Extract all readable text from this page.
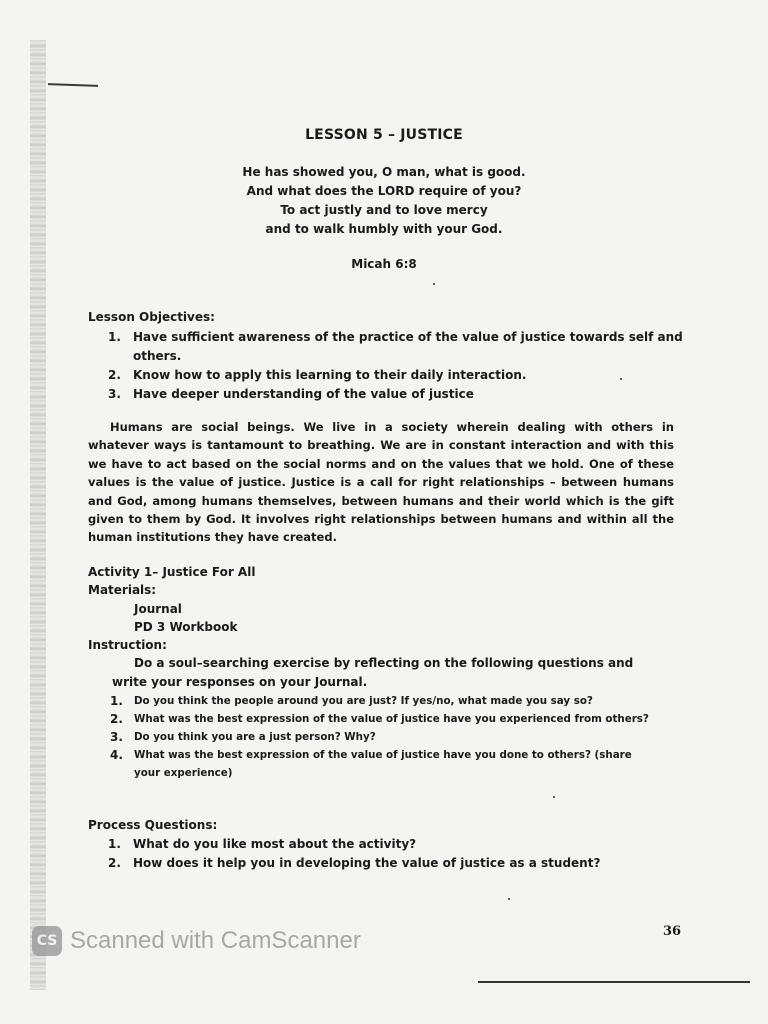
LESSON 5 – JUSTICE
He has showed you, O man, what is good.
And what does the LORD require of you?
To act justly and to love mercy
and to walk humbly with your God.
Micah 6:8
Lesson Objectives:
1.	Have sufficient awareness of the practice of the value of justice towards self and others.
2.	Know how to apply this learning to their daily interaction.
3.	Have deeper understanding of the value of justice

Humans are social beings. We live in a society wherein dealing with others in whatever ways is tantamount to breathing. We are in constant interaction and with this we have to act based on the social norms and on the values that we hold. One of these values is the value of justice. Justice is a call for right relationships – between humans and God, among humans themselves, between humans and their world which is the gift given to them by God. It involves right relationships between humans and within all the human institutions they have created.

Activity 1– Justice For All
Materials:
Journal
PD 3 Workbook
Instruction:

Do a soul–searching exercise by reflecting on the following questions and write your responses on your Journal.

1.	Do you think the people around you are just? If yes/no, what made you say so?
2.	What was the best expression of the value of justice have you experienced from others?
3.	Do you think you are a just person? Why?
4.	What was the best expression of the value of justice have you done to others? (share your experience)
Process Questions:
1.	What do you like most about the activity?
2.	How does it help you in developing the value of justice as a student?
36
CS Scanned with CamScanner
